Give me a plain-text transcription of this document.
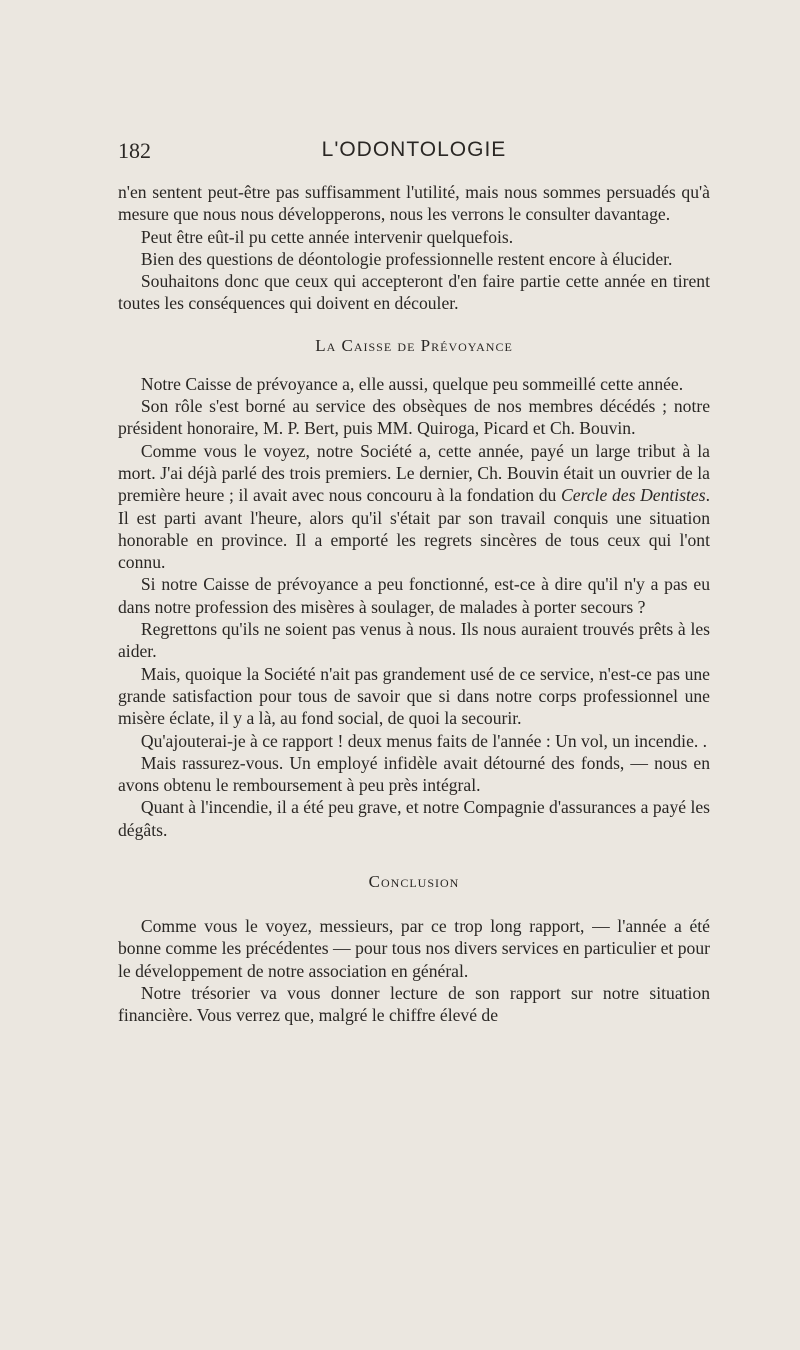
182	L'ODONTOLOGIE

n'en sentent peut-être pas suffisamment l'utilité, mais nous sommes persuadés qu'à mesure que nous nous développerons, nous les verrons le consulter davantage.

Peut être eût-il pu cette année intervenir quelquefois.

Bien des questions de déontologie professionnelle restent encore à élucider.

Souhaitons donc que ceux qui accepteront d'en faire partie cette année en tirent toutes les conséquences qui doivent en découler.

La Caisse de Prévoyance

Notre Caisse de prévoyance a, elle aussi, quelque peu sommeillé cette année.

Son rôle s'est borné au service des obsèques de nos membres décédés ; notre président honoraire, M. P. Bert, puis MM. Quiroga, Picard et Ch. Bouvin.

Comme vous le voyez, notre Société a, cette année, payé un large tribut à la mort. J'ai déjà parlé des trois premiers. Le dernier, Ch. Bouvin était un ouvrier de la première heure ; il avait avec nous concouru à la fondation du Cercle des Dentistes. Il est parti avant l'heure, alors qu'il s'était par son travail conquis une situation honorable en province. Il a emporté les regrets sincères de tous ceux qui l'ont connu.

Si notre Caisse de prévoyance a peu fonctionné, est-ce à dire qu'il n'y a pas eu dans notre profession des misères à soulager, de malades à porter secours ?

Regrettons qu'ils ne soient pas venus à nous. Ils nous auraient trouvés prêts à les aider.

Mais, quoique la Société n'ait pas grandement usé de ce service, n'est-ce pas une grande satisfaction pour tous de savoir que si dans notre corps professionnel une misère éclate, il y a là, au fond social, de quoi la secourir.

Qu'ajouterai-je à ce rapport ! deux menus faits de l'année : Un vol, un incendie. .

Mais rassurez-vous. Un employé infidèle avait détourné des fonds, — nous en avons obtenu le remboursement à peu près intégral.

Quant à l'incendie, il a été peu grave, et notre Compagnie d'assurances a payé les dégâts.

Conclusion

Comme vous le voyez, messieurs, par ce trop long rapport, — l'année a été bonne comme les précédentes — pour tous nos divers services en particulier et pour le développement de notre association en général.

Notre trésorier va vous donner lecture de son rapport sur notre situation financière. Vous verrez que, malgré le chiffre élevé de
